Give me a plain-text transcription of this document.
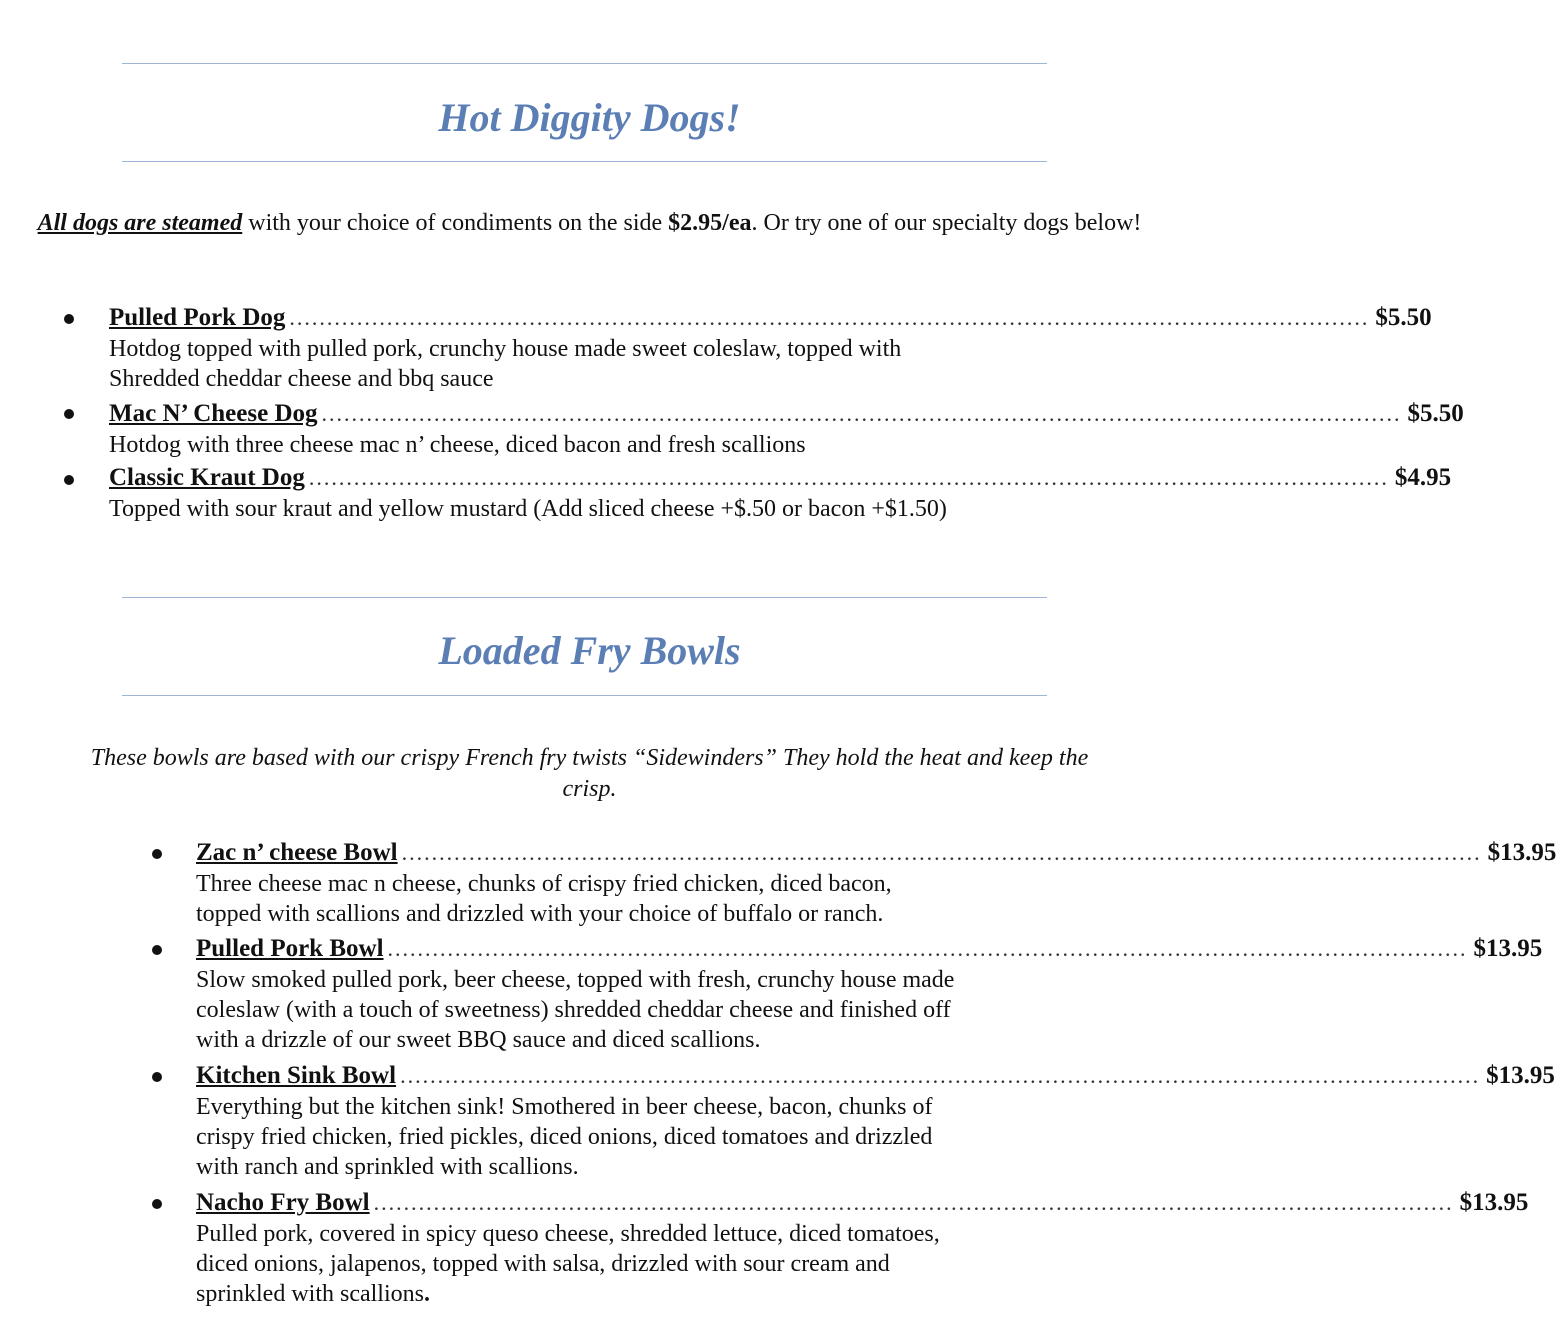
Hot Diggity Dogs!
All dogs are steamed with your choice of condiments on the side $2.95/ea. Or try one of our specialty dogs below!
Pulled Pork Dog ................................................................................................................................................ $5.50
Hotdog topped with pulled pork, crunchy house made sweet coleslaw, topped with
Shredded cheddar cheese and bbq sauce
Mac N’ Cheese Dog ................................................................................................................................................ $5.50
Hotdog with three cheese mac n’ cheese, diced bacon and fresh scallions
Classic Kraut Dog ................................................................................................................................................ $4.95
Topped with sour kraut and yellow mustard (Add sliced cheese +$.50 or bacon +$1.50)
Loaded Fry Bowls
These bowls are based with our crispy French fry twists “Sidewinders” They hold the heat and keep the
crisp.
Zac n’ cheese Bowl ................................................................................................................................................ $13.95
Three cheese mac n cheese, chunks of crispy fried chicken, diced bacon,
topped with scallions and drizzled with your choice of buffalo or ranch.
Pulled Pork Bowl ................................................................................................................................................ $13.95
Slow smoked pulled pork, beer cheese, topped with fresh, crunchy house made
coleslaw (with a touch of sweetness) shredded cheddar cheese and finished off
with a drizzle of our sweet BBQ sauce and diced scallions.
Kitchen Sink Bowl ................................................................................................................................................ $13.95
Everything but the kitchen sink! Smothered in beer cheese, bacon, chunks of
crispy fried chicken, fried pickles, diced onions, diced tomatoes and drizzled
with ranch and sprinkled with scallions.
Nacho Fry Bowl ................................................................................................................................................ $13.95
Pulled pork, covered in spicy queso cheese, shredded lettuce, diced tomatoes,
diced onions, jalapenos, topped with salsa, drizzled with sour cream and
sprinkled with scallions.
